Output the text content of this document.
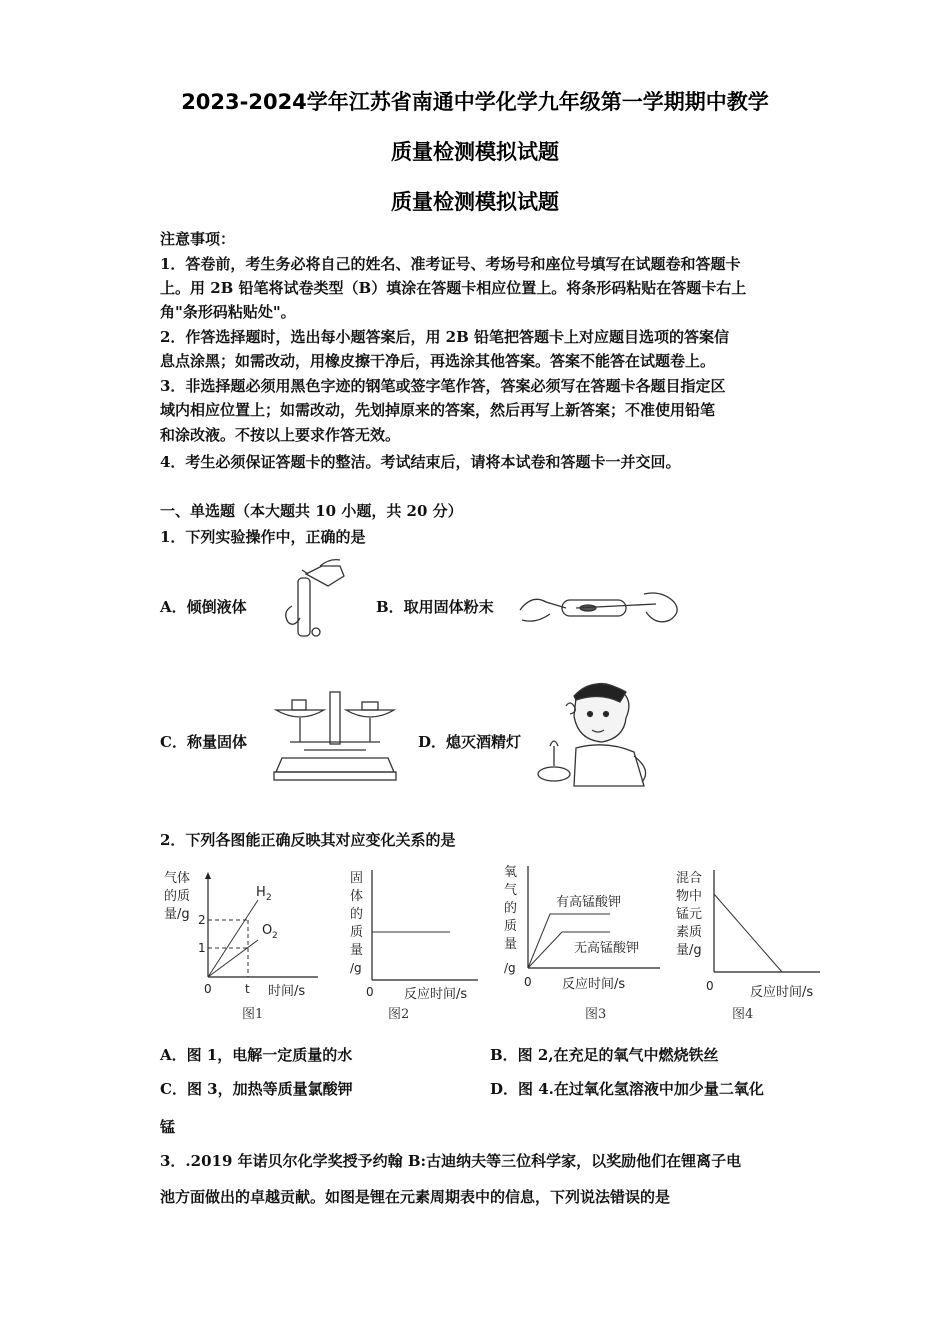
2023-2024学年江苏省南通中学化学九年级第一学期期中教学
质量检测模拟试题
质量检测模拟试题
注意事项：
1．答卷前，考生务必将自己的姓名、准考证号、考场号和座位号填写在试题卷和答题卡
上。用 2B 铅笔将试卷类型（B）填涂在答题卡相应位置上。将条形码粘贴在答题卡右上
角"条形码粘贴处"。
2．作答选择题时，选出每小题答案后，用 2B 铅笔把答题卡上对应题目选项的答案信
息点涂黑；如需改动，用橡皮擦干净后，再选涂其他答案。答案不能答在试题卷上。
3．非选择题必须用黑色字迹的钢笔或签字笔作答，答案必须写在答题卡各题目指定区
域内相应位置上；如需改动，先划掉原来的答案，然后再写上新答案；不准使用铅笔
和涂改液。不按以上要求作答无效。
4．考生必须保证答题卡的整洁。考试结束后，请将本试卷和答题卡一并交回。
一、单选题（本大题共 10 小题，共 20 分）
1．下列实验操作中，正确的是
A．倾倒液体	B．取用固体粉末
C．称量固体	D．熄灭酒精灯
2．下列各图能正确反映其对应变化关系的是
气体
的质
量/g
H 2
O 2
2
1
0	t 时间/s
图1
固
体
的
质
量
/g
0 反应时间/s
图2
氧
气
的
质
量
/g
有高锰酸钾
无高锰酸钾
0 反应时间/s
图3
混合
物中
锰元
素质
量/g
0	反应时间/s
图4
A．图 1，电解一定质量的水	B．图 2,在充足的氧气中燃烧铁丝
C．图 3，加热等质量氯酸钾	D．图 4.在过氧化氢溶液中加少量二氧化
锰
3．.2019 年诺贝尔化学奖授予约翰 B:古迪纳夫等三位科学家，以奖励他们在锂离子电
池方面做出的卓越贡献。如图是锂在元素周期表中的信息，下列说法错误的是
